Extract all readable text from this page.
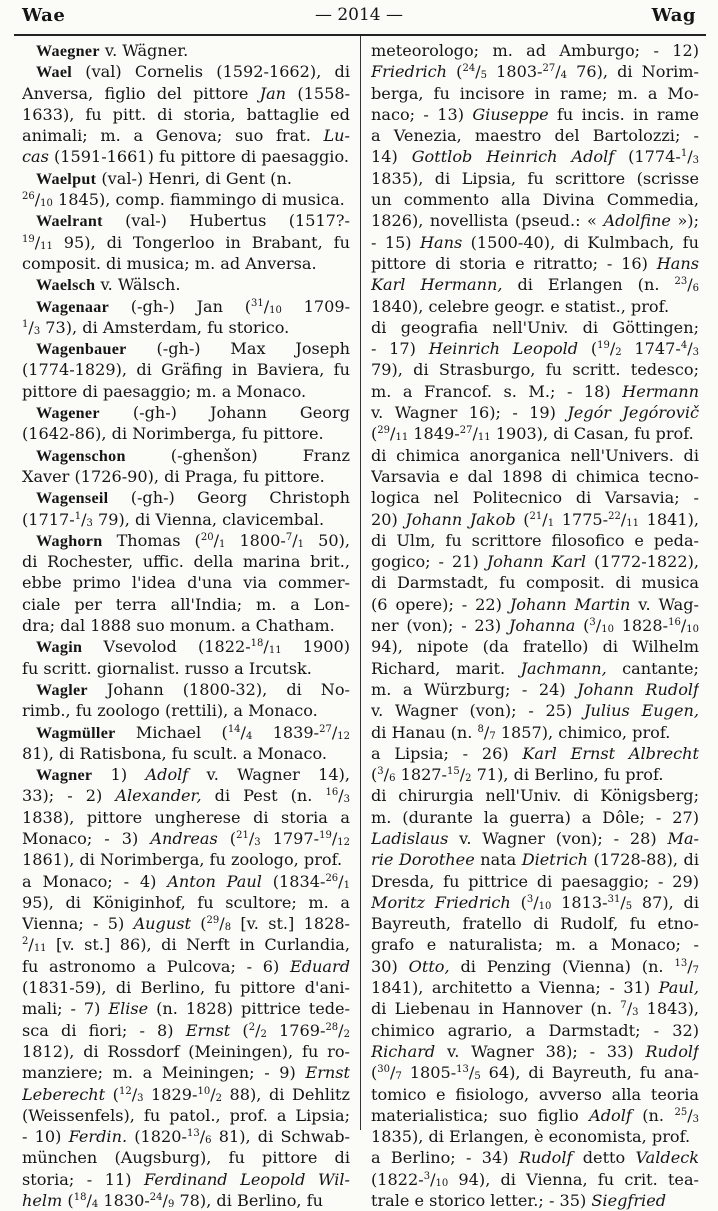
Wae	— 2014 —	Wag
Waegner v. Wägner.
Wael (val) Cornelis (1592-1662), di
Anversa, figlio del pittore Jan (1558-
1633), fu pitt. di storia, battaglie ed
animali; m. a Genova; suo frat. Lu-
cas (1591-1661) fu pittore di paesaggio.
Waelput (val-) Henri, di Gent (n.
$^{26}/_{10}$ 1845), comp. fiammingo di musica.
Waelrant (val-) Hubertus (1517?-
$^{19}/_{11}$ 95), di Tongerloo in Brabant, fu
composit. di musica; m. ad Anversa.
Waelsch v. Wälsch.
Wagenaar (-gh-) Jan ($^{31}/_{10}$ 1709-
$^1/_3$ 73), di Amsterdam, fu storico.
Wagenbauer (-gh-) Max Joseph
(1774-1829), di Gräfing in Baviera, fu
pittore di paesaggio; m. a Monaco.
Wagener (-gh-) Johann Georg
(1642-86), di Norimberga, fu pittore.
Wagenschon (-ghenšon) Franz
Xaver (1726-90), di Praga, fu pittore.
Wagenseil (-gh-) Georg Christoph
($1717-^1/_3$ 79), di Vienna, clavicembal.
Waghorn Thomas ($^{20}/_1$ $1800-^7/_1$ 50),
di Rochester, uffic. della marina brit.,
ebbe primo l'idea d'una via commer-
ciale per terra all'India; m. a Lon-
dra; dal 1888 suo monum. a Chatham.
Wagin Vsevolod ($1822-^{18}/_{11}$ 1900)
fu scritt. giornalist. russo a Ircutsk.
Wagler Johann (1800-32), di No-
rimb., fu zoologo (rettili), a Monaco.
Wagmüller Michael ($^{14}/_4$ $1839-^{27}/_{12}$
81), di Ratisbona, fu scult. a Monaco.
Wagner 1) Adolf v. Wagner 14),
33); - 2) Alexander, di Pest (n. $^{16}/_3$
1838), pittore ungherese di storia a
Monaco; - 3) Andreas ($^{21}/_3$ $1797-^{19}/_{12}$
1861), di Norimberga, fu zoologo, prof.
a Monaco; - 4) Anton Paul ($1834-^{26}/_1$
95), di Königinhof, fu scultore; m. a
Vienna; - 5) August ($^{29}/_8$ [v. st.] 1828-
$^2/_{11}$ [v. st.] 86), di Nerft in Curlandia,
fu astronomo a Pulcova; - 6) Eduard
(1831-59), di Berlino, fu pittore d'ani-
mali; - 7) Elise (n. 1828) pittrice tede-
sca di fiori; - 8) Ernst ($^2/_2$ $1769-^{28}/_2$
1812), di Rossdorf (Meiningen), fu ro-
manziere; m. a Meiningen; - 9) Ernst
Leberecht ($^{12}/_3$ $1829-^{10}/_2$ 88), di Dehlitz
(Weissenfels), fu patol., prof. a Lipsia;
- 10) Ferdin. ($1820-^{13}/_6$ 81), di Schwab-
münchen (Augsburg), fu pittore di
storia; - 11) Ferdinand Leopold Wil-
helm ($^{18}/_4$ $1830-^{24}/_9$ 78), di Berlino, fu
meteorologo; m. ad Amburgo; - 12)
Friedrich ($^{24}/_5$ $1803-^{27}/_4$ 76), di Norim-
berga, fu incisore in rame; m. a Mo-
naco; - 13) Giuseppe fu incis. in rame
a Venezia, maestro del Bartolozzi; -
14) Gottlob Heinrich Adolf ($1774-^1/_3$
1835), di Lipsia, fu scrittore (scrisse
un commento alla Divina Commedia,
1826), novellista (pseud.: « Adolfine »);
- 15) Hans (1500-40), di Kulmbach, fu
pittore di storia e ritratto; - 16) Hans
Karl Hermann, di Erlangen (n. $^{23}/_6$
1840), celebre geogr. e statist., prof.
di geografia nell'Univ. di Göttingen;
- 17) Heinrich Leopold ($^{19}/_2$ $1747-^4/_3$
79), di Strasburgo, fu scritt. tedesco;
m. a Francof. s. M.; - 18) Hermann
v. Wagner 16); - 19) Jegór Jegórovič
($^{29}/_{11}$ $1849-^{27}/_{11}$ 1903), di Casan, fu prof.
di chimica anorganica nell'Univers. di
Varsavia e dal 1898 di chimica tecno-
logica nel Politecnico di Varsavia; -
20) Johann Jakob ($^{21}/_1$ $1775-^{22}/_{11}$ 1841),
di Ulm, fu scrittore filosofico e peda-
gogico; - 21) Johann Karl (1772-1822),
di Darmstadt, fu composit. di musica
(6 opere); - 22) Johann Martin v. Wag-
ner (von); - 23) Johanna ($^3/_{10}$ $1828-^{16}/_{10}$
94), nipote (da fratello) di Wilhelm
Richard, marit. Jachmann, cantante;
m. a Würzburg; - 24) Johann Rudolf
v. Wagner (von); - 25) Julius Eugen,
di Hanau (n. $^8/_7$ 1857), chimico, prof.
a Lipsia; - 26) Karl Ernst Albrecht
($^3/_6$ $1827-^{15}/_2$ 71), di Berlino, fu prof.
di chirurgia nell'Univ. di Königsberg;
m. (durante la guerra) a Dôle; - 27)
Ladislaus v. Wagner (von); - 28) Ma-
rie Dorothee nata Dietrich (1728-88), di
Dresda, fu pittrice di paesaggio; - 29)
Moritz Friedrich ($^3/_{10}$ $1813-^{31}/_5$ 87), di
Bayreuth, fratello di Rudolf, fu etno-
grafo e naturalista; m. a Monaco; -
30) Otto, di Penzing (Vienna) (n. $^{13}/_7$
1841), architetto a Vienna; - 31) Paul,
di Liebenau in Hannover (n. $^7/_3$ 1843),
chimico agrario, a Darmstadt; - 32)
Richard v. Wagner 38); - 33) Rudolf
($^{30}/_7$ $1805-^{13}/_5$ 64), di Bayreuth, fu ana-
tomico e fisiologo, avverso alla teoria
materialistica; suo figlio Adolf (n. $^{25}/_3$
1835), di Erlangen, è economista, prof.
a Berlino; - 34) Rudolf detto Valdeck
($1822-^3/_{10}$ 94), di Vienna, fu crit. tea-
trale e storico letter.; - 35) Siegfried
